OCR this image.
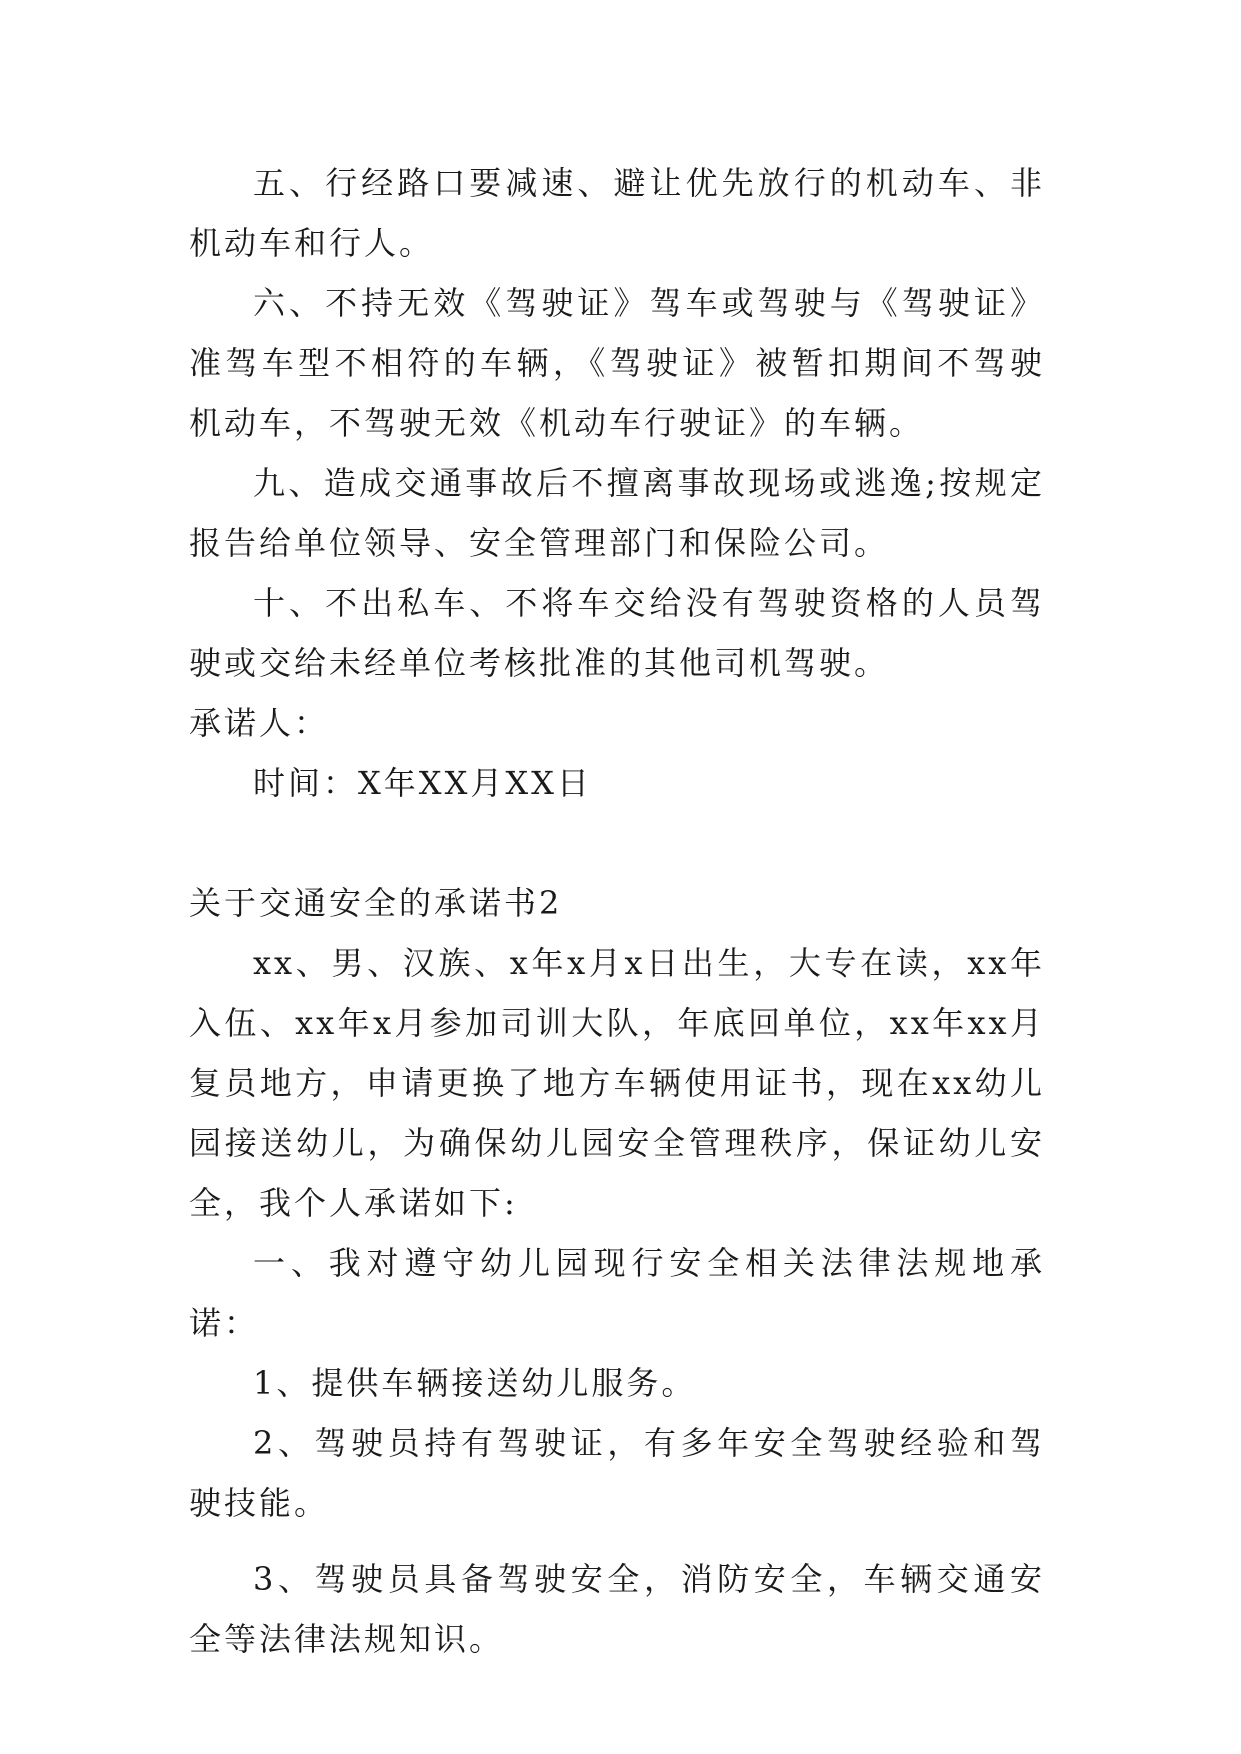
五、行经路口要减速、避让优先放行的机动车、非机动车和行人。

六、不持无效《驾驶证》驾车或驾驶与《驾驶证》准驾车型不相符的车辆，《驾驶证》被暂扣期间不驾驶机动车，不驾驶无效《机动车行驶证》的车辆。

九、造成交通事故后不擅离事故现场或逃逸;按规定报告给单位领导、安全管理部门和保险公司。

十、不出私车、不将车交给没有驾驶资格的人员驾驶或交给未经单位考核批准的其他司机驾驶。

承诺人：

时间：X年XX月XX日

关于交通安全的承诺书2

xx、男、汉族、x年x月x日出生，大专在读，xx年入伍、xx年x月参加司训大队，年底回单位，xx年xx月复员地方，申请更换了地方车辆使用证书，现在xx幼儿园接送幼儿，为确保幼儿园安全管理秩序，保证幼儿安全，我个人承诺如下:

一、我对遵守幼儿园现行安全相关法律法规地承诺：

1、提供车辆接送幼儿服务。

2、驾驶员持有驾驶证，有多年安全驾驶经验和驾驶技能。

3、驾驶员具备驾驶安全，消防安全，车辆交通安全等法律法规知识。
